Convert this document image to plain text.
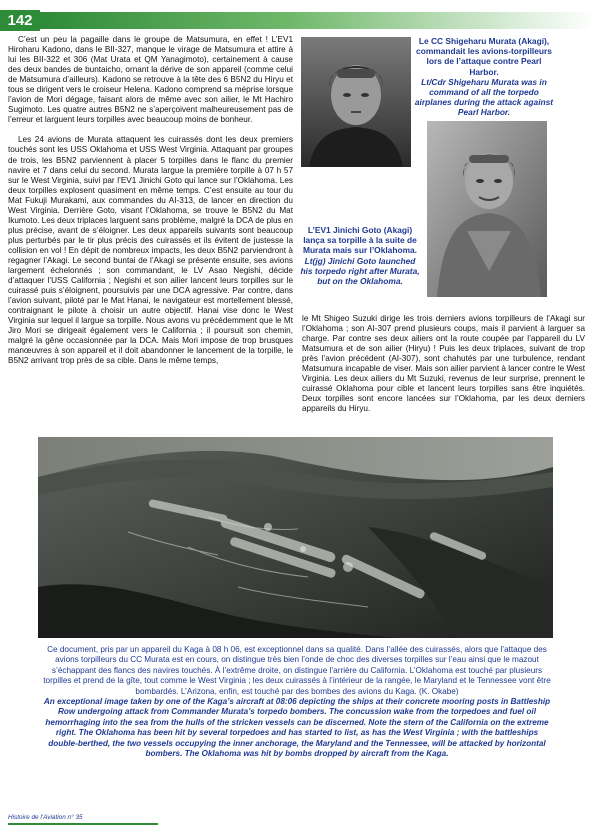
142

C’est un peu la pagaille dans le groupe de Matsumura, en effet ! L’EV1 Hiroharu Kadono, dans le BII-327, manque le virage de Matsumura et attire à lui les BII-322 et 306 (Mat Urata et QM Yanagimoto), certainement à cause des deux bandes de buntaicho, ornant la dérive de son appareil (comme celui de Matsumura d’ailleurs). Kadono se retrouve à la tête des 6 B5N2 du Hiryu et tous se dirigent vers le croiseur Helena. Kadono comprend sa méprise lorsque l’avion de Mori dégage, faisant alors de même avec son ailier, le Mt Hachiro Sugimoto. Les quatre autres B5N2 ne s’aperçoivent malheureusement pas de l’erreur et larguent leurs torpilles avec beaucoup moins de bonheur.

Les 24 avions de Murata attaquent les cuirassés dont les deux premiers touchés sont les USS Oklahoma et USS West Virginia. Attaquant par groupes de trois, les B5N2 parviennent à placer 5 torpilles dans le flanc du premier navire et 7 dans celui du second. Murata largue la première torpille à 07 h 57 sur le West Virginia, suivi par l’EV1 Jinichi Goto qui lance sur l’Oklahoma. Les deux torpilles explosent quasiment en même temps. C’est ensuite au tour du Mat Fukuji Murakami, aux commandes du AI-313, de lancer en direction du West Virginia. Derrière Goto, visant l’Oklahoma, se trouve le B5N2 du Mat Ikumoto. Les deux triplaces larguent sans problème, malgré la DCA de plus en plus précise, avant de s’éloigner. Les deux appareils suivants sont beaucoup plus perturbés par le tir plus précis des cuirassés et ils évitent de justesse la collision en vol ! En dépit de nombreux impacts, les deux B5N2 parviendront à regagner l’Akagi. Le second buntai de l’Akagi se présente ensuite, ses avions largement échelonnés ; son commandant, le LV Asao Negishi, décide d’attaquer l’USS California ; Negishi et son ailier lancent leurs torpilles sur le cuirassé puis s’éloignent, poursuivis par une DCA agressive. Par contre, dans l’avion suivant, piloté par le Mat Hanai, le navigateur est mortellement blessé, contraignant le pilote à choisir un autre objectif. Hanai vise donc le West Virginia sur lequel il largue sa torpille. Nous avons vu précédemment que le Mt Jiro Mori se dirigeait également vers le California ; il poursuit son chemin, malgré la gêne occasionnée par la DCA. Mais Mori impose de trop brusques manœuvres à son appareil et il doit abandonner le lancement de la torpille, le B5N2 arrivant trop près de sa cible. Dans le même temps,

Le CC Shigeharu Murata (Akagi), commandait les avions-torpilleurs lors de l’attaque contre Pearl Harbor.
Lt/Cdr Shigeharu Murata was in command of all the torpedo airplanes during the attack against Pearl Harbor.
L’EV1 Jinichi Goto (Akagi) lança sa torpille à la suite de Murata mais sur l’Oklahoma.
Lt(jg) Jinichi Goto launched his torpedo right after Murata, but on the Oklahoma.

le Mt Shigeo Suzuki dirige les trois derniers avions torpilleurs de l’Akagi sur l’Oklahoma ; son AI-307 prend plusieurs coups, mais il parvient à larguer sa charge. Par contre ses deux ailiers ont la route coupée par l’appareil du LV Matsumura et de son ailier (Hiryu) ! Puis les deux triplaces, suivant de trop près l’avion précédent (AI-307), sont chahutés par une turbulence, rendant Matsumura incapable de viser. Mais son ailier parvient à lancer contre le West Virginia. Les deux ailiers du Mt Suzuki, revenus de leur surprise, prennent le cuirassé Oklahoma pour cible et lancent leurs torpilles sans être inquiétés. Deux torpilles sont encore lancées sur l’Oklahoma, par les deux derniers appareils du Hiryu.

Ce document, pris par un appareil du Kaga à 08 h 06, est exceptionnel dans sa qualité. Dans l’allée des cuirassés, alors que l’attaque des avions torpilleurs du CC Murata est en cours, on distingue très bien l’onde de choc des diverses torpilles sur l’eau ainsi que le mazout s’échappant des flancs des navires touchés. À l’extrême droite, on distingue l’arrière du California. L’Oklahoma est touché par plusieurs torpilles et prend de la gîte, tout comme le West Virginia ; les deux cuirassés à l’intérieur de la rangée, le Maryland et le Tennessee vont être bombardés. L’Arizona, enfin, est touché par des bombes des avions du Kaga. (K. Okabe)
An exceptional image taken by one of the Kaga’s aircraft at 08:06 depicting the ships at their concrete mooring posts in Battleship Row undergoing attack from Commander Murata’s torpedo bombers. The concussion wake from the torpedoes and fuel oil hemorrhaging into the sea from the hulls of the stricken vessels can be discerned. Note the stern of the California on the extreme right. The Oklahoma has been hit by several torpedoes and has started to list, as has the West Virginia ; with the battleships double-berthed, the two vessels occupying the inner anchorage, the Maryland and the Tennessee, will be attacked by horizontal bombers. The Oklahoma was hit by bombs dropped by aircraft from the Kaga.
Histoire de l’Aviation n° 35
